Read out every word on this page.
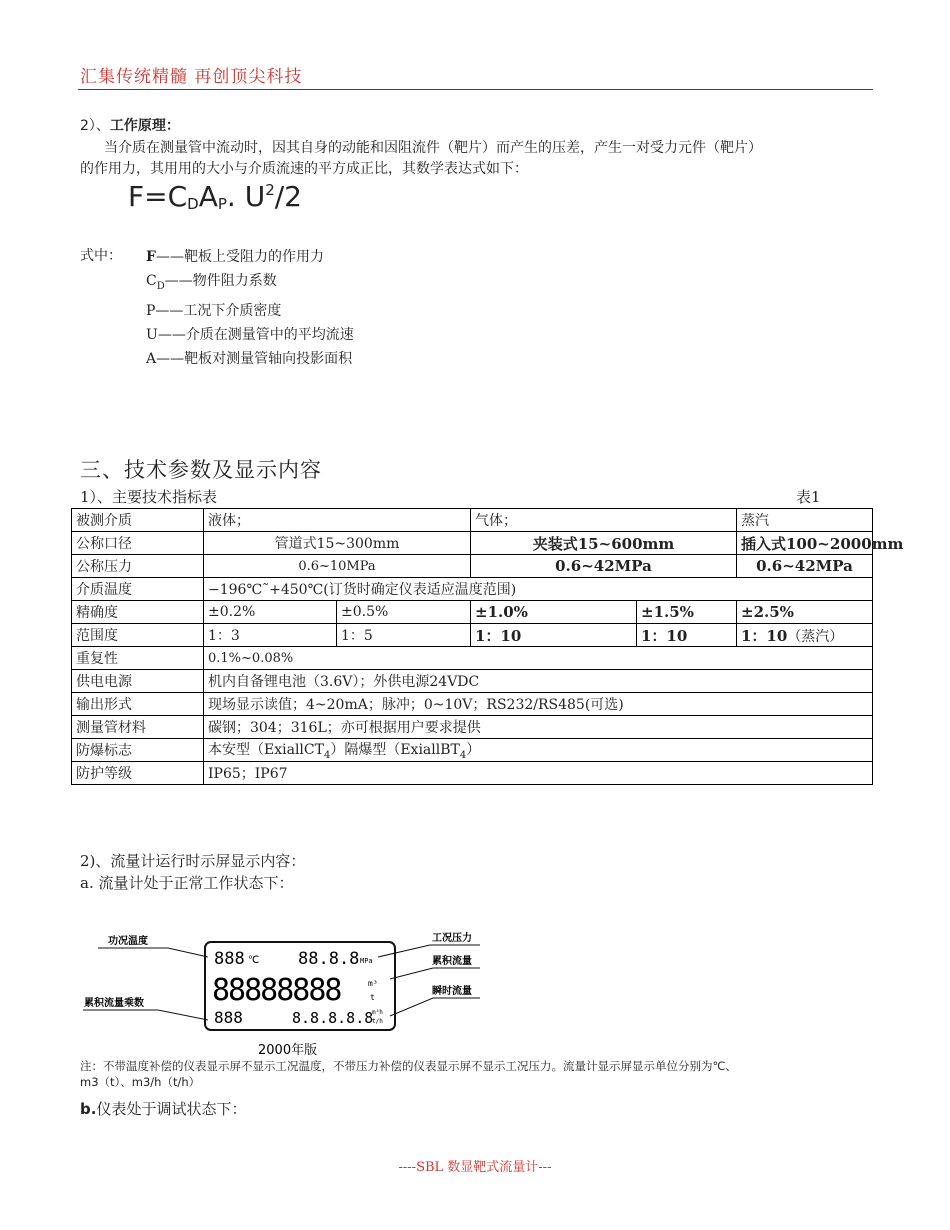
汇集传统精髓 再创顶尖科技
2）、工作原理：
当介质在测量管中流动时，因其自身的动能和因阻流件（靶片）而产生的压差，产生一对受力元件（靶片）
的作用力，其用用的大小与介质流速的平方成正比，其数学表达式如下：
$F=C_DA_P$. $U^2/2$
式中： F——靶板上受阻力的作用力
$C_D——$物件阻力系数
P——工况下介质密度
U——介质在测量管中的平均流速
A——靶板对测量管轴向投影面积
三、技术参数及显示内容
1）、主要技术指标表	表1
被测介质	液体；		气体；		蒸汽
公称口径	管道式15~300mm		夹装式15~600mm		插入式100~2000mm
公称压力	0.6~10MPa		0.6~42MPa		0.6~42MPa
介质温度	−196℃˜+450℃(订货时确定仪表适应温度范围)				
精确度	±0.2%	±0.5%	±1.0%	±1.5%	±2.5%
范围度	1：3	1：5	1：10	1：10	1：10（蒸汽）
重复性	0.1%~0.08%				
供电电源	机内自备锂电池（3.6V）；外供电源24VDC				
输出形式	现场显示读值；4~20mA；脉冲；0~10V；RS232/RS485(可选)				
测量管材料	碳钢；304；316L；亦可根据用户要求提供				
防爆标志	本安型（ExiallCT$_4$）隔爆型（ExiallBT$_4$）				
防护等级	IP65；IP67				
2)、流量计运行时示屏显示内容：
a. 流量计处于正常工作状态下：
功况温度
累积流量乘数
工况压力
累积流量
瞬时流量
888 ℃ 88.8.8 MPa
88888888	m³
t
888	8.8.8.8.8
m³h
t/h
2000年版
注：不带温度补偿的仪表显示屏不显示工况温度，不带压力补偿的仪表显示屏不显示工况压力。流量计显示屏显示单位分别为℃、
m3（t）、m3/h（t/h）
b.仪表处于调试状态下：
----SBL 数显靶式流量计---
